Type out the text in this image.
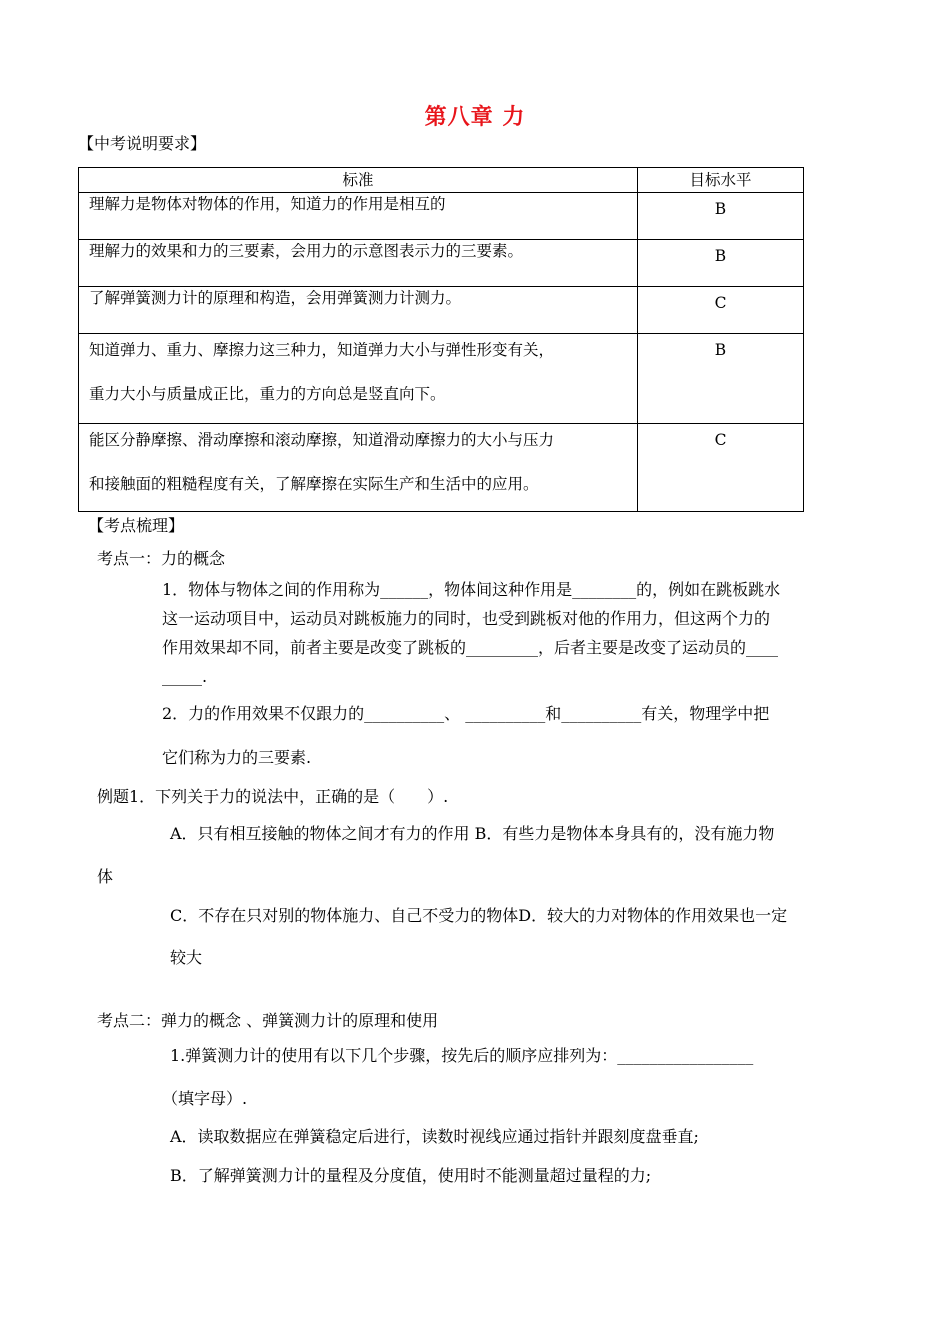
第八章 力
【中考说明要求】
标准	目标水平

理解力是物体对物体的作用，知道力的作用是相互的	B

理解力的效果和力的三要素，会用力的示意图表示力的三要素。	B

了解弹簧测力计的原理和构造，会用弹簧测力计测力。	C

知道弹力、重力、摩擦力这三种力，知道弹力大小与弹性形变有关，
重力大小与质量成正比，重力的方向总是竖直向下。	B

能区分静摩擦、滑动摩擦和滚动摩擦，知道滑动摩擦力的大小与压力
和接触面的粗糙程度有关，了解摩擦在实际生产和生活中的应用。	C
【考点梳理】
考点一：力的概念
1．物体与物体之间的作用称为______，物体间这种作用是________的，例如在跳板跳水
这一运动项目中，运动员对跳板施力的同时，也受到跳板对他的作用力，但这两个力的
作用效果却不同，前者主要是改变了跳板的_________，后者主要是改变了运动员的____
_____.
2．力的作用效果不仅跟力的__________、 __________和__________有关，物理学中把
它们称为力的三要素.
例题1．下列关于力的说法中，正确的是（　　）.
A．只有相互接触的物体之间才有力的作用 B．有些力是物体本身具有的，没有施力物
体
C．不存在只对别的物体施力、自己不受力的物体D．较大的力对物体的作用效果也一定
较大
考点二：弹力的概念 、弹簧测力计的原理和使用
1.弹簧测力计的使用有以下几个步骤，按先后的顺序应排列为：_________________
（填字母）.
A．读取数据应在弹簧稳定后进行，读数时视线应通过指针并跟刻度盘垂直;
B．了解弹簧测力计的量程及分度值，使用时不能测量超过量程的力;
